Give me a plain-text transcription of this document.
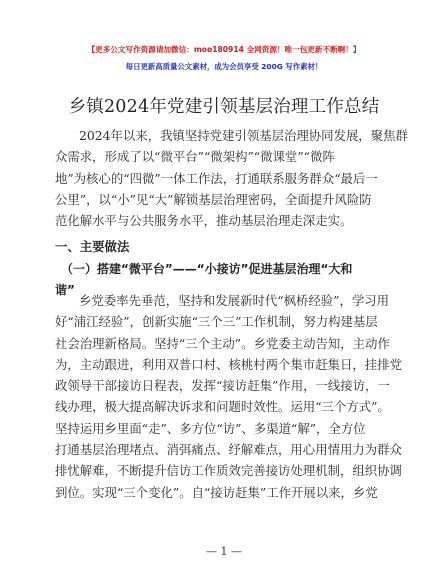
【更多公文写作资源请加微信：moo180914 全网资源！唯一包更新不断啊！】
每日更新高质量公文素材，成为会员享受 200G 写作素材！
乡镇2024年党建引领基层治理工作总结
2024年以来，我镇坚持党建引领基层治理协同发展，聚焦群
众需求，形成了以“微平台”“微架构”“微课堂”“微阵
地”为核心的“四微”一体工作法，打通联系服务群众“最后一
公里”，以“小”见“大”解锁基层治理密码，全面提升风险防
范化解水平与公共服务水平，推动基层治理走深走实。
一、主要做法
（一）搭建“微平台”——“小接访”促进基层治理“大和
谐”
乡党委率先垂范，坚持和发展新时代“枫桥经验”，学习用
好“浦江经验”，创新实施“三个三”工作机制，努力构建基层
社会治理新格局。坚持“三个主动”。乡党委主动告知，主动作
为，主动跟进，利用双普口村、核桃村两个集市赶集日，挂排党
政领导干部接访日程表，发挥“接访赶集”作用，一线接访，一
线办理，极大提高解决诉求和问题时效性。运用“三个方式”。
坚持运用乡里面“走”、多方位“访”、多渠道“解”，全方位
打通基层治理堵点、消弭痛点、纾解难点，用心用情用力为群众
排忧解难，不断提升信访工作质效完善接访处理机制，组织协调
到位。实现“三个变化”。自“接访赶集”工作开展以来，乡党
— 1 —
